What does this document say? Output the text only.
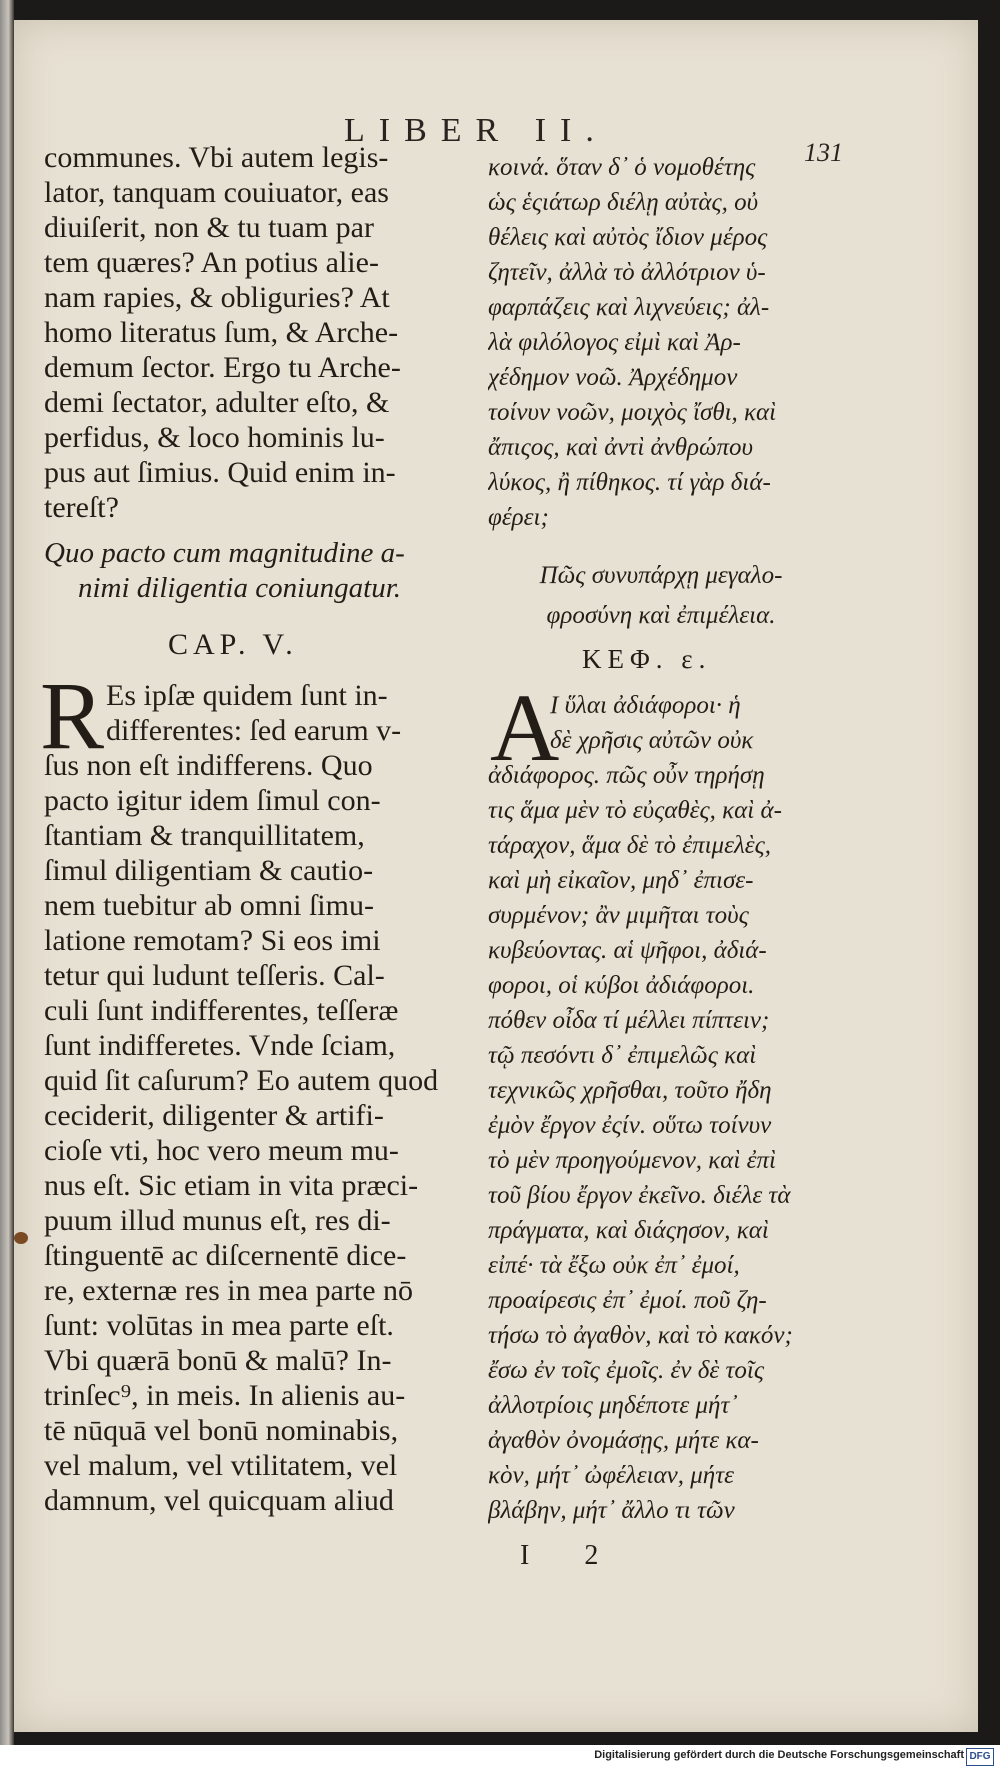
LIBER II.
131
communes. Vbi autem legis-
lator, tanquam couiuator, eas
diuiſerit, non & tu tuam par
tem quæres? An potius alie-
nam rapies, & obliguries? At
homo literatus ſum, & Arche-
demum ſector. Ergo tu Arche-
demi ſectator, adulter eſto, &
perfidus, & loco hominis lu-
pus aut ſimius. Quid enim in-
tereſt?
κοινά. ὅταν δ᾽ ὁ νομοθέτης
ὡς ἑςιάτωρ διέλῃ αὐτὰς, οὐ
θέλεις καὶ αὐτὸς ἴδιον μέρος
ζητεῖν, ἀλλὰ τὸ ἀλλότριον ὑ-
φαρπάζεις καὶ λιχνεύεις; ἀλ-
λὰ φιλόλογος εἰμὶ καὶ Ἀρ-
χέδημον νοῶ. Ἀρχέδημον
τοίνυν νοῶν, μοιχὸς ἴσθι, καὶ
ἄπιςος, καὶ ἀντὶ ἀνθρώπου
λύκος, ἢ πίθηκος. τί γὰρ διά-
φέρει;
Quo pacto cum magnitudine a-
nimi diligentia coniungatur.	Πῶς συνυπάρχῃ μεγαλο-
φροσύνη καὶ ἐπιμέλεια.
CAP. V.	ΚΕΦ. ε.
R	Α
Es ipſæ quidem ſunt in-
differentes: ſed earum v-
ſus non eſt indifferens. Quo
pacto igitur idem ſimul con-
ſtantiam & tranquillitatem,
ſimul diligentiam & cautio-
nem tuebitur ab omni ſimu-
latione remotam? Si eos imi
tetur qui ludunt teſſeris. Cal-
culi ſunt indifferentes, teſſeræ
ſunt indifferetes. Vnde ſciam,
quid ſit caſurum? Eo autem quod
ceciderit, diligenter & artifi-
cioſe vti, hoc vero meum mu-
nus eſt. Sic etiam in vita præci-
puum illud munus eſt, res di-
ſtinguentē ac diſcernentē dice-
re, externæ res in mea parte nō
ſunt: volūtas in mea parte eſt.
Vbi quærā bonū & malū? In-
trinſec⁹, in meis. In alienis au-
tē nūquā vel bonū nominabis,
vel malum, vel vtilitatem, vel
damnum, vel quicquam aliud
Ι ὕλαι ἀδιάφοροι· ἡ
δὲ χρῆσις αὐτῶν οὐκ
ἀδιάφορος. πῶς οὖν τηρήσῃ
τις ἅμα μὲν τὸ εὐςαθὲς, καὶ ἀ-
τάραχον, ἅμα δὲ τὸ ἐπιμελὲς,
καὶ μὴ εἰκαῖον, μηδ᾽ ἐπισε-
συρμένον; ἂν μιμῆται τοὺς
κυβεύοντας. αἱ ψῆφοι, ἀδιά-
φοροι, οἱ κύβοι ἀδιάφοροι.
πόθεν οἶδα τί μέλλει πίπτειν;
τῷ πεσόντι δ᾽ ἐπιμελῶς καὶ
τεχνικῶς χρῆσθαι, τοῦτο ἤδη
ἐμὸν ἔργον ἐςίν. οὕτω τοίνυν
τὸ μὲν προηγούμενον, καὶ ἐπὶ
τοῦ βίου ἔργον ἐκεῖνο. διέλε τὰ
πράγματα, καὶ διάςησον, καὶ
εἰπέ· τὰ ἔξω οὐκ ἐπ᾽ ἐμοί,
προαίρεσις ἐπ᾽ ἐμοί. ποῦ ζη-
τήσω τὸ ἀγαθὸν, καὶ τὸ κακόν;
ἔσω ἐν τοῖς ἐμοῖς. ἐν δὲ τοῖς
ἀλλοτρίοις μηδέποτε μήτ᾽
ἀγαθὸν ὀνομάσῃς, μήτε κα-
κὸν, μήτ᾽ ὠφέλειαν, μήτε
βλάβην, μήτ᾽ ἄλλο τι τῶν
I 2
Digitalisierung gefördert durch die Deutsche Forschungsgemeinschaft DFG
